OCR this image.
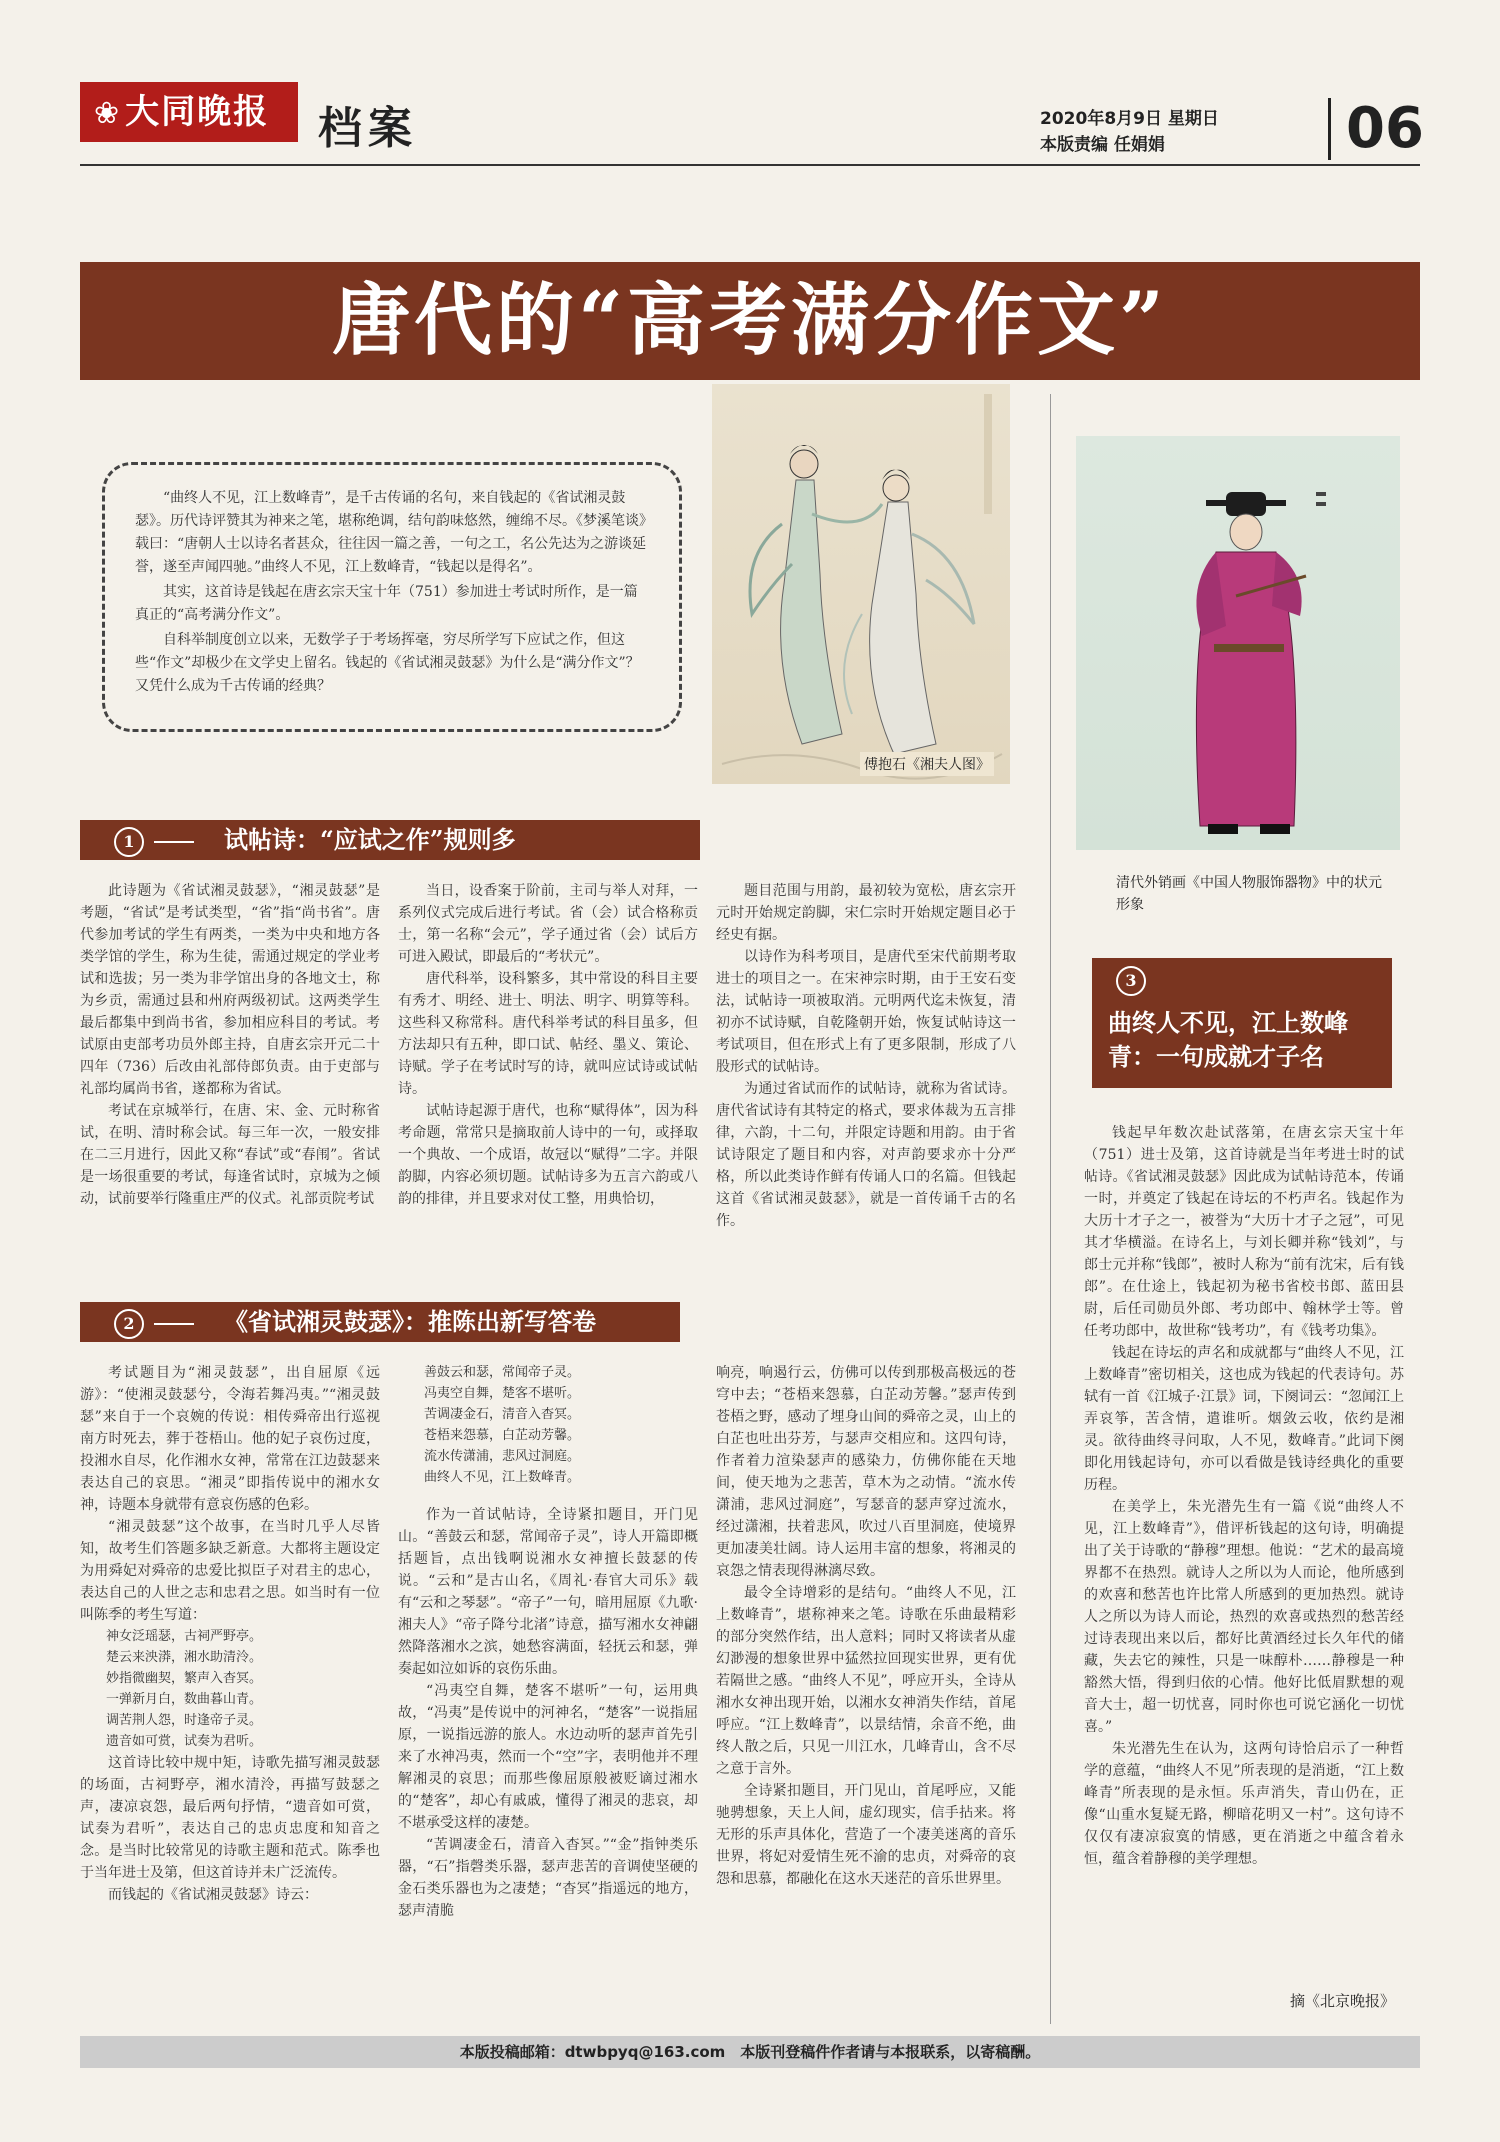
❀ 大同晚报	档案	2020年8月9日 星期日
本版责编 任娟娟	06
唐代的“高考满分作文”

“曲终人不见，江上数峰青”，是千古传诵的名句，来自钱起的《省试湘灵鼓瑟》。历代诗评赞其为神来之笔，堪称绝调，结句韵味悠然，缠绵不尽。《梦溪笔谈》载曰：“唐朝人士以诗名者甚众，往往因一篇之善，一句之工，名公先达为之游谈延誉，遂至声闻四驰。”曲终人不见，江上数峰青，“钱起以是得名”。

其实，这首诗是钱起在唐玄宗天宝十年（751）参加进士考试时所作，是一篇真正的“高考满分作文”。

自科举制度创立以来，无数学子于考场挥毫，穷尽所学写下应试之作，但这些“作文”却极少在文学史上留名。钱起的《省试湘灵鼓瑟》为什么是“满分作文”？又凭什么成为千古传诵的经典？

傅抱石《湘夫人图》
清代外销画《中国人物服饰器物》中的状元形象
1	试帖诗：“应试之作”规则多

此诗题为《省试湘灵鼓瑟》，“湘灵鼓瑟”是考题，“省试”是考试类型，“省”指“尚书省”。唐代参加考试的学生有两类，一类为中央和地方各类学馆的学生，称为生徒，需通过规定的学业考试和选拔；另一类为非学馆出身的各地文士，称为乡贡，需通过县和州府两级初试。这两类学生最后都集中到尚书省，参加相应科目的考试。考试原由吏部考功员外郎主持，自唐玄宗开元二十四年（736）后改由礼部侍郎负责。由于吏部与礼部均属尚书省，遂都称为省试。

考试在京城举行，在唐、宋、金、元时称省试，在明、清时称会试。每三年一次，一般安排在二三月进行，因此又称“春试”或“春闱”。省试是一场很重要的考试，每逢省试时，京城为之倾动，试前要举行隆重庄严的仪式。礼部贡院考试

当日，设香案于阶前，主司与举人对拜，一系列仪式完成后进行考试。省（会）试合格称贡士，第一名称“会元”，学子通过省（会）试后方可进入殿试，即最后的“考状元”。

唐代科举，设科繁多，其中常设的科目主要有秀才、明经、进士、明法、明字、明算等科。这些科又称常科。唐代科举考试的科目虽多，但方法却只有五种，即口试、帖经、墨义、策论、诗赋。学子在考试时写的诗，就叫应试诗或试帖诗。

试帖诗起源于唐代，也称“赋得体”，因为科考命题，常常只是摘取前人诗中的一句，或择取一个典故、一个成语，故冠以“赋得”二字。并限韵脚，内容必须切题。试帖诗多为五言六韵或八韵的排律，并且要求对仗工整，用典恰切，

题目范围与用韵，最初较为宽松，唐玄宗开元时开始规定韵脚，宋仁宗时开始规定题目必于经史有据。

以诗作为科考项目，是唐代至宋代前期考取进士的项目之一。在宋神宗时期，由于王安石变法，试帖诗一项被取消。元明两代迄未恢复，清初亦不试诗赋，自乾隆朝开始，恢复试帖诗这一考试项目，但在形式上有了更多限制，形成了八股形式的试帖诗。

为通过省试而作的试帖诗，就称为省试诗。唐代省试诗有其特定的格式，要求体裁为五言排律，六韵，十二句，并限定诗题和用韵。由于省试诗限定了题目和内容，对声韵要求亦十分严格，所以此类诗作鲜有传诵人口的名篇。但钱起这首《省试湘灵鼓瑟》，就是一首传诵千古的名作。

2	《省试湘灵鼓瑟》：推陈出新写答卷

考试题目为“湘灵鼓瑟”，出自屈原《远游》：“使湘灵鼓瑟兮，令海若舞冯夷。”“湘灵鼓瑟”来自于一个哀婉的传说：相传舜帝出行巡视南方时死去，葬于苍梧山。他的妃子哀伤过度，投湘水自尽，化作湘水女神，常常在江边鼓瑟来表达自己的哀思。“湘灵”即指传说中的湘水女神，诗题本身就带有意哀伤感的色彩。

“湘灵鼓瑟”这个故事，在当时几乎人尽皆知，故考生们答题多缺乏新意。大都将主题设定为用舜妃对舜帝的忠爱比拟臣子对君主的忠心，表达自己的人世之志和忠君之思。如当时有一位叫陈季的考生写道：

神女泛瑶瑟，古祠严野亭。
楚云来泱漭，湘水助清泠。
妙指微幽契，繁声入杳冥。
一弹新月白，数曲暮山青。
调苦荆人怨，时逢帝子灵。
遗音如可赏，试奏为君听。

这首诗比较中规中矩，诗歌先描写湘灵鼓瑟的场面，古祠野亭，湘水清泠，再描写鼓瑟之声，凄凉哀怨，最后两句抒情，“遗音如可赏，试奏为君听”，表达自己的忠贞忠度和知音之念。是当时比较常见的诗歌主题和范式。陈季也于当年进士及第，但这首诗并未广泛流传。

而钱起的《省试湘灵鼓瑟》诗云：

善鼓云和瑟，常闻帝子灵。
冯夷空自舞，楚客不堪听。
苦调凄金石，清音入杳冥。
苍梧来怨慕，白芷动芳馨。
流水传潇浦，悲风过洞庭。
曲终人不见，江上数峰青。

作为一首试帖诗，全诗紧扣题目，开门见山。“善鼓云和瑟，常闻帝子灵”，诗人开篇即概括题旨，点出钱啊说湘水女神擅长鼓瑟的传说。“云和”是古山名，《周礼·春官大司乐》载有“云和之琴瑟”。“帝子”一句，暗用屈原《九歌·湘夫人》“帝子降兮北渚”诗意，描写湘水女神翩然降落湘水之滨，她愁容满面，轻抚云和瑟，弹奏起如泣如诉的哀伤乐曲。

“冯夷空自舞，楚客不堪听”一句，运用典故，“冯夷”是传说中的河神名，“楚客”一说指屈原，一说指远游的旅人。水边动听的瑟声首先引来了水神冯夷，然而一个“空”字，表明他并不理解湘灵的哀思；而那些像屈原般被贬谪过湘水的“楚客”，却心有戚戚，懂得了湘灵的悲哀，却不堪承受这样的凄楚。

“苦调凄金石，清音入杳冥。”“金”指钟类乐器，“石”指磬类乐器，瑟声悲苦的音调使坚硬的金石类乐器也为之凄楚；“杳冥”指遥远的地方，瑟声清脆

响亮，响遏行云，仿佛可以传到那极高极远的苍穹中去；“苍梧来怨慕，白芷动芳馨。”瑟声传到苍梧之野，感动了埋身山间的舜帝之灵，山上的白芷也吐出芬芳，与瑟声交相应和。这四句诗，作者着力渲染瑟声的感染力，仿佛你能在天地间，使天地为之悲苦，草木为之动情。“流水传潇浦，悲风过洞庭”，写瑟音的瑟声穿过流水，经过潇湘，扶着悲风，吹过八百里洞庭，使境界更加凄美壮阔。诗人运用丰富的想象，将湘灵的哀怨之情表现得淋漓尽致。

最令全诗增彩的是结句。“曲终人不见，江上数峰青”，堪称神来之笔。诗歌在乐曲最精彩的部分突然作结，出人意料；同时又将读者从虚幻渺漫的想象世界中猛然拉回现实世界，更有优若隔世之感。“曲终人不见”，呼应开头，全诗从湘水女神出现开始，以湘水女神消失作结，首尾呼应。“江上数峰青”，以景结情，余音不绝，曲终人散之后，只见一川江水，几峰青山，含不尽之意于言外。

全诗紧扣题目，开门见山，首尾呼应，又能驰骋想象，天上人间，虚幻现实，信手拈来。将无形的乐声具体化，营造了一个凄美迷离的音乐世界，将妃对爱情生死不渝的忠贞，对舜帝的哀怨和思慕，都融化在这水天迷茫的音乐世界里。

3
曲终人不见，江上数峰青：一句成就才子名

钱起早年数次赴试落第，在唐玄宗天宝十年（751）进士及第，这首诗就是当年考进士时的试帖诗。《省试湘灵鼓瑟》因此成为试帖诗范本，传诵一时，并奠定了钱起在诗坛的不朽声名。钱起作为大历十才子之一，被誉为“大历十才子之冠”，可见其才华横溢。在诗名上，与刘长卿并称“钱刘”，与郎士元并称“钱郎”，被时人称为“前有沈宋，后有钱郎”。在仕途上，钱起初为秘书省校书郎、蓝田县尉，后任司勋员外郎、考功郎中、翰林学士等。曾任考功郎中，故世称“钱考功”，有《钱考功集》。

钱起在诗坛的声名和成就都与“曲终人不见，江上数峰青”密切相关，这也成为钱起的代表诗句。苏轼有一首《江城子·江景》词，下阕词云：“忽闻江上弄哀筝，苦含情，遣谁听。烟敛云收，依约是湘灵。欲待曲终寻问取，人不见，数峰青。”此词下阕即化用钱起诗句，亦可以看做是钱诗经典化的重要历程。

在美学上，朱光潜先生有一篇《说“曲终人不见，江上数峰青”》，借评析钱起的这句诗，明确提出了关于诗歌的“静穆”理想。他说：“艺术的最高境界都不在热烈。就诗人之所以为人而论，他所感到的欢喜和愁苦也许比常人所感到的更加热烈。就诗人之所以为诗人而论，热烈的欢喜或热烈的愁苦经过诗表现出来以后，都好比黄酒经过长久年代的储藏，失去它的辣性，只是一味醇朴……静穆是一种豁然大悟，得到归依的心情。他好比低眉默想的观音大士，超一切忧喜，同时你也可说它涵化一切忧喜。”

朱光潜先生在认为，这两句诗恰启示了一种哲学的意蕴，“曲终人不见”所表现的是消逝，“江上数峰青”所表现的是永恒。乐声消失，青山仍在，正像“山重水复疑无路，柳暗花明又一村”。这句诗不仅仅有凄凉寂寞的情感，更在消逝之中蕴含着永恒，蕴含着静穆的美学理想。

摘《北京晚报》
本版投稿邮箱：dtwbpyq@163.com　本版刊登稿件作者请与本报联系，以寄稿酬。
